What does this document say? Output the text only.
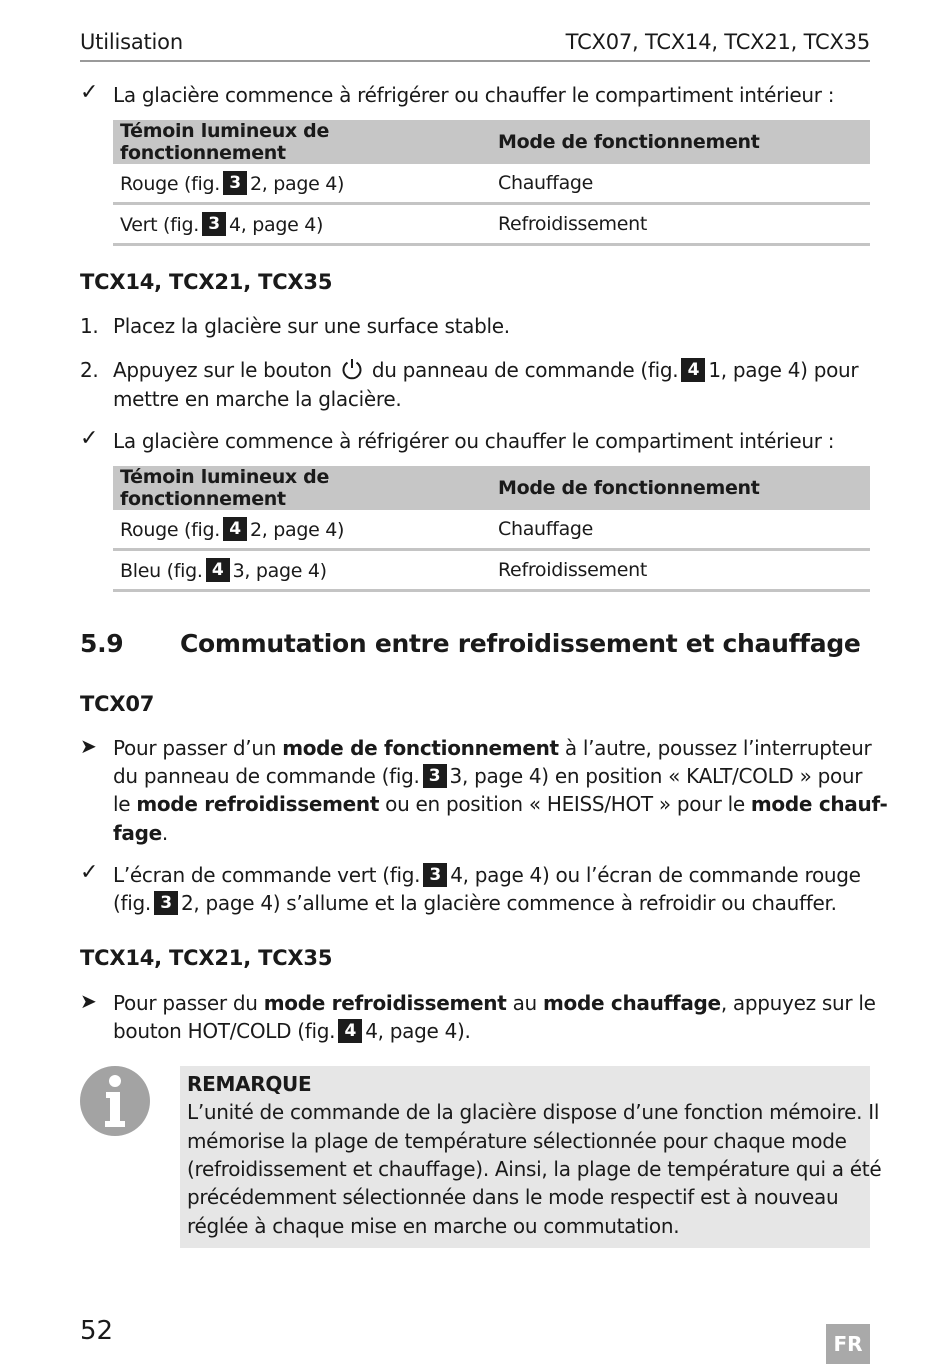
Utilisation	TCX07, TCX14, TCX21, TCX35
✓ La glacière commence à réfrigérer ou chauffer le compartiment intérieur :
Témoin lumineux de fonctionnement	Mode de fonctionnement
Rouge (fig. 3 2, page 4)	Chauffage
Vert (fig. 3 4, page 4)	Refroidissement
TCX14, TCX21, TCX35
1. Placez la glacière sur une surface stable.
2. Appuyez sur le bouton du panneau de commande (fig. 4 1, page 4) pour
mettre en marche la glacière.
✓ La glacière commence à réfrigérer ou chauffer le compartiment intérieur :
Témoin lumineux de fonctionnement	Mode de fonctionnement
Rouge (fig. 4 2, page 4)	Chauffage
Bleu (fig. 4 3, page 4)	Refroidissement
5.9 Commutation entre refroidissement et chauffage
TCX07
➤ Pour passer d’un mode de fonctionnement à l’autre, poussez l’interrupteur
du panneau de commande (fig. 3 3, page 4) en position « KALT/COLD » pour
le mode refroidissement ou en position « HEISS/HOT » pour le mode chauf-
fage.
✓ L’écran de commande vert (fig. 3 4, page 4) ou l’écran de commande rouge
(fig. 3 2, page 4) s’allume et la glacière commence à refroidir ou chauffer.
TCX14, TCX21, TCX35
➤ Pour passer du mode refroidissement au mode chauffage, appuyez sur le
bouton HOT/COLD (fig. 4 4, page 4).
REMARQUE
L’unité de commande de la glacière dispose d’une fonction mémoire. Il
mémorise la plage de température sélectionnée pour chaque mode
(refroidissement et chauffage). Ainsi, la plage de température qui a été
précédemment sélectionnée dans le mode respectif est à nouveau
réglée à chaque mise en marche ou commutation.
52	FR
